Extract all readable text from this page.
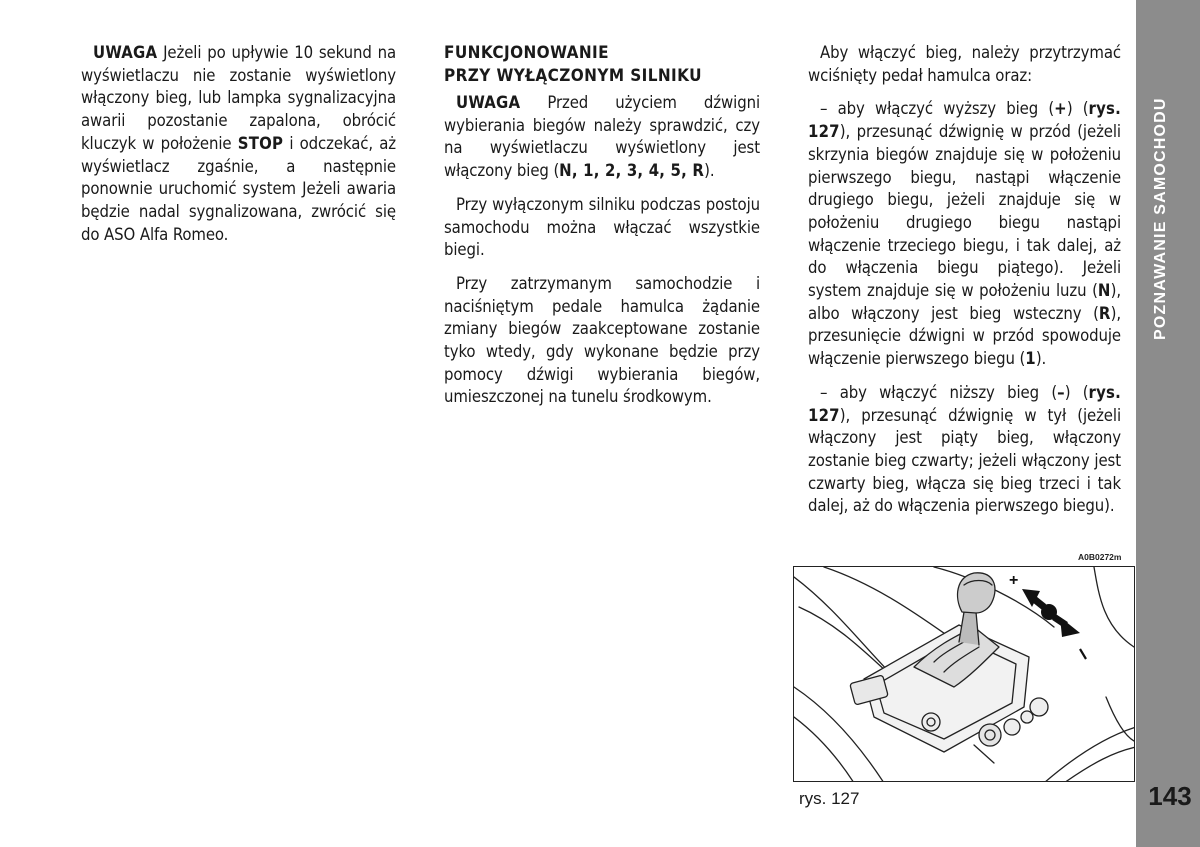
UWAGA Jeżeli po upływie 10 sekund na wyświetlaczu nie zostanie wyświetlony włączony bieg, lub lampka sygnalizacyjna awarii pozostanie zapalona, obrócić kluczyk w położenie STOP i odczekać, aż wyświetlacz zgaśnie, a następnie ponownie uruchomić system Jeżeli awaria będzie nadal sygnalizowana, zwrócić się do ASO Alfa Romeo.

FUNKCJONOWANIE
PRZY WYŁĄCZONYM SILNIKU

UWAGA Przed użyciem dźwigni wybierania biegów należy sprawdzić, czy na wyświetlaczu wyświetlony jest włączony bieg (N, 1, 2, 3, 4, 5, R).

Przy wyłączonym silniku podczas postoju samochodu można włączać wszystkie biegi.

Przy zatrzymanym samochodzie i naciśniętym pedale hamulca żądanie zmiany biegów zaakceptowane zostanie tyko wtedy, gdy wykonane będzie przy pomocy dźwigi wybierania biegów, umieszczonej na tunelu środkowym.

Aby włączyć bieg, należy przytrzymać wciśnięty pedał hamulca oraz:

– aby włączyć wyższy bieg (+) (rys. 127), przesunąć dźwignię w przód (jeżeli skrzynia biegów znajduje się w położeniu pierwszego biegu, nastąpi włączenie drugiego biegu, jeżeli znajduje się w położeniu drugiego biegu nastąpi włączenie trzeciego biegu, i tak dalej, aż do włączenia biegu piątego). Jeżeli system znajduje się w położeniu luzu (N), albo włączony jest bieg wsteczny (R), przesunięcie dźwigni w przód spowoduje włączenie pierwszego biegu (1).

– aby włączyć niższy bieg (–) (rys. 127), przesunąć dźwignię w tył (jeżeli włączony jest piąty bieg, włączony zostanie bieg czwarty; jeżeli włączony jest czwarty bieg, włącza się bieg trzeci i tak dalej, aż do włączenia pierwszego biegu).

A0B0272m
+
rys. 127
POZNAWANIE SAMOCHODU
143
